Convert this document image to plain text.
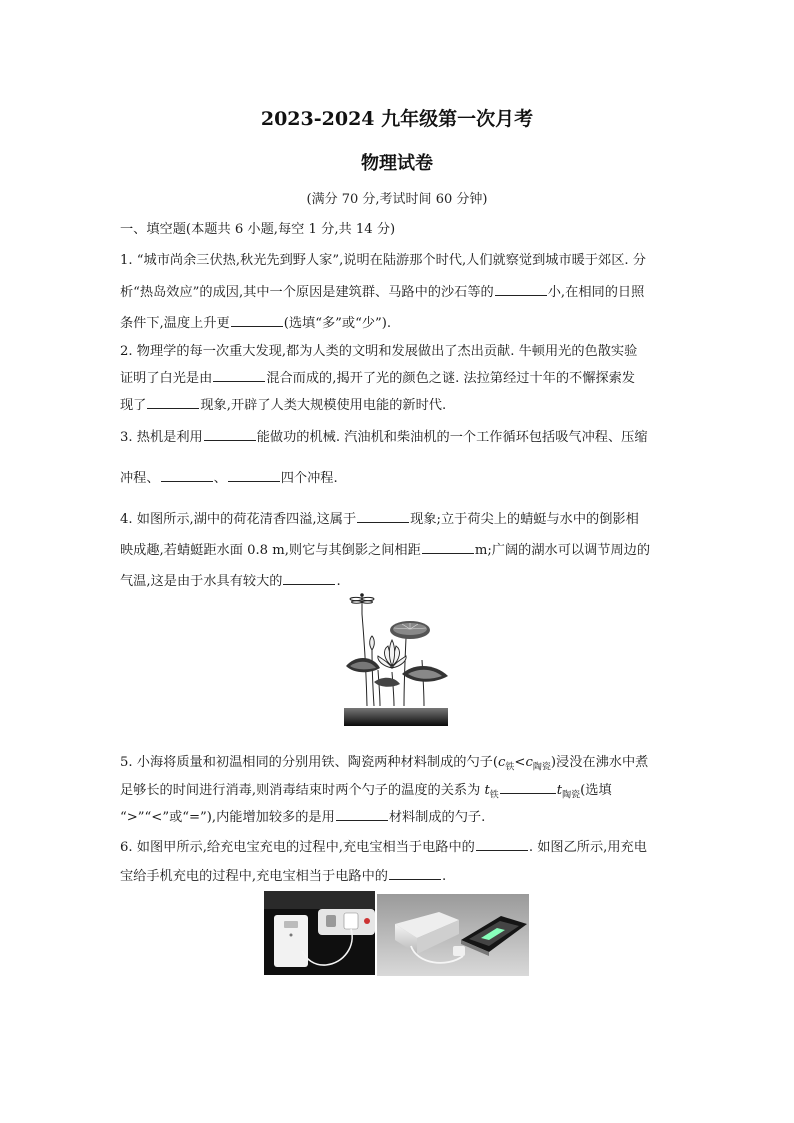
2023-2024 九年级第一次月考
物理试卷
(满分 70 分,考试时间 60 分钟)
一、填空题(本题共 6 小题,每空 1 分,共 14 分)
1. “城市尚余三伏热,秋光先到野人家”,说明在陆游那个时代,人们就察觉到城市暖于郊区. 分
析“热岛效应”的成因,其中一个原因是建筑群、马路中的沙石等的	小,在相同的日照
条件下,温度上升更	(选填“多”或“少”).
2. 物理学的每一次重大发现,都为人类的文明和发展做出了杰出贡献. 牛顿用光的色散实验
证明了白光是由	混合而成的,揭开了光的颜色之谜. 法拉第经过十年的不懈探索发
现了	现象,开辟了人类大规模使用电能的新时代.
3. 热机是利用	能做功的机械. 汽油机和柴油机的一个工作循环包括吸气冲程、压缩
冲程、	、	四个冲程.
4. 如图所示,湖中的荷花清香四溢,这属于	现象;立于荷尖上的蜻蜓与水中的倒影相
映成趣,若蜻蜓距水面 0.8 m,则它与其倒影之间相距	m;广阔的湖水可以调节周边的
气温,这是由于水具有较大的	.
5. 小海将质量和初温相同的分别用铁、陶瓷两种材料制成的勺子$(c_铁<c_{陶瓷})$浸没在沸水中煮
足够长的时间进行消毒,则消毒结束时两个勺子的温度的关系为 $t_铁$	$t_{陶瓷}$(选填
“>”“<”或“=”),内能增加较多的是用	材料制成的勺子.
6. 如图甲所示,给充电宝充电的过程中,充电宝相当于电路中的	. 如图乙所示,用充电
宝给手机充电的过程中,充电宝相当于电路中的	.
